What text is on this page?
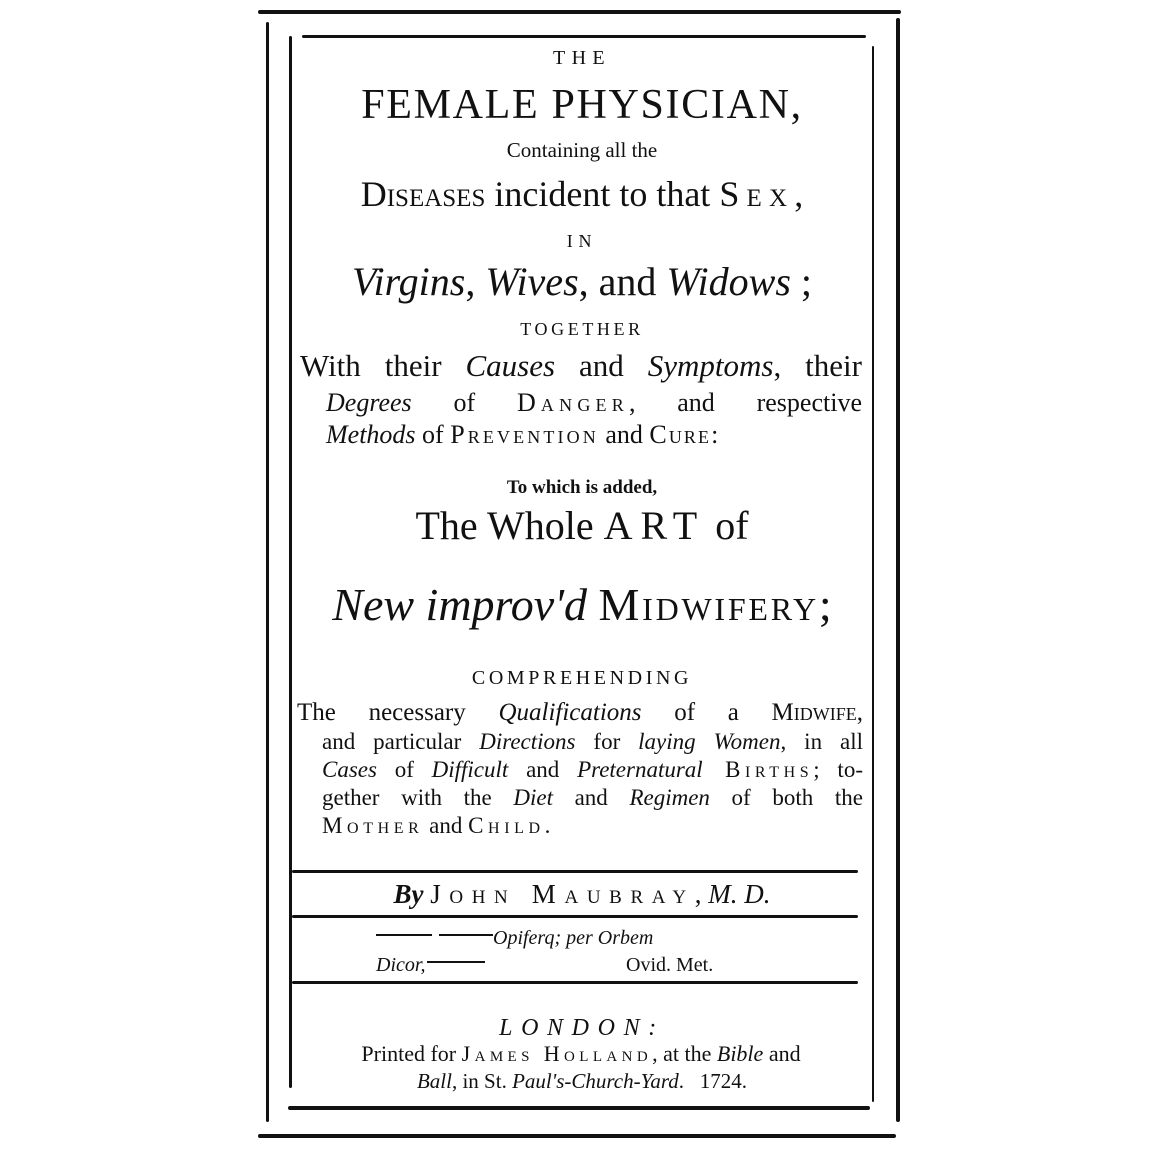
THE
FEMALE PHYSICIAN,
Containing all the
Diseases incident to that Sex,
IN
Virgins, Wives, and Widows ;
TOGETHER
With their Causes and Symptoms, their
Degrees of Danger, and respective
Methods of Prevention and Cure:
To which is added,
The Whole ART of
New improv'd Midwifery;
COMPREHENDING
The necessary Qualifications of a Midwife,
and particular Directions for laying Women, in all
Cases of Difficult and Preternatural Births; to-
gether with the Diet and Regimen of both the
Mother and Child.
By John Maubray, M. D.
Opiferq; per Orbem
Dicor,	Ovid. Met.
LONDON:
Printed for James Holland, at the Bible and
Ball, in St. Paul's-Church-Yard.   1724.
